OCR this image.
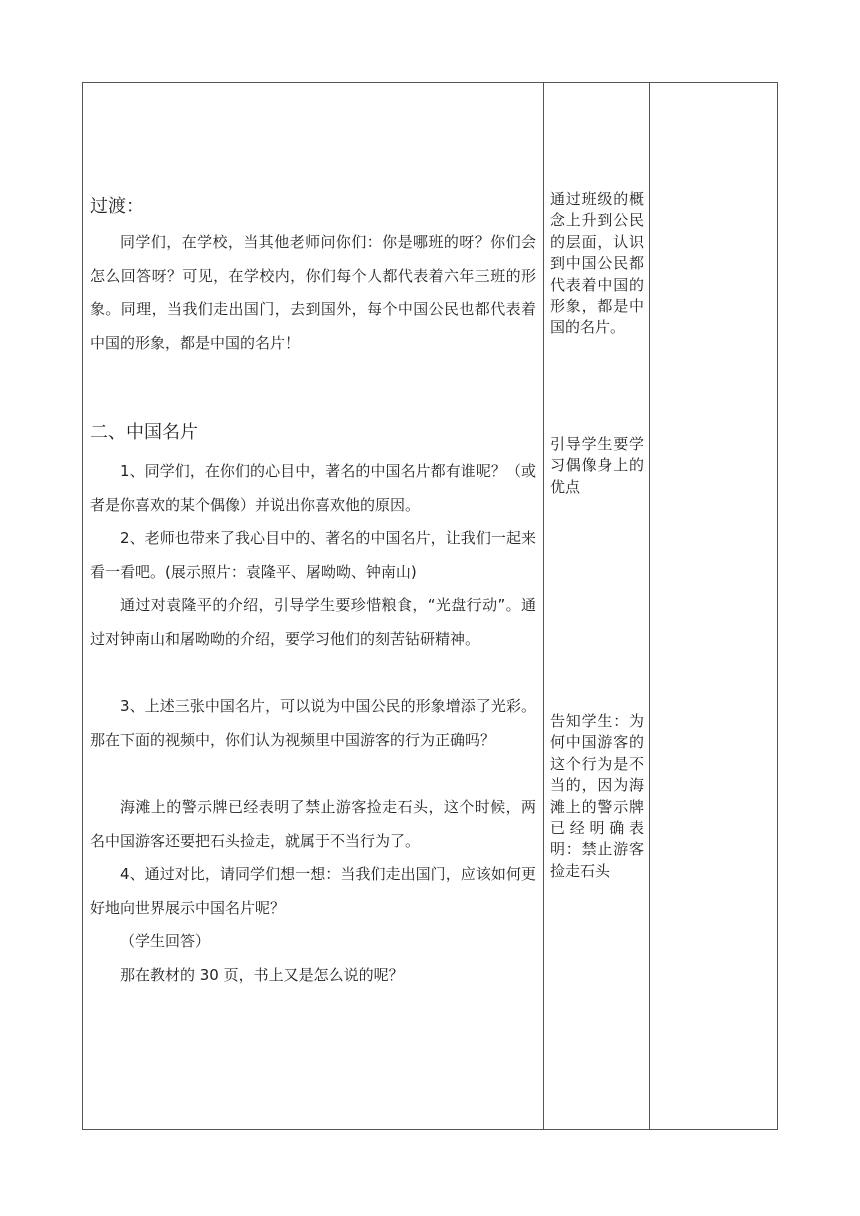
过渡：

同学们，在学校，当其他老师问你们：你是哪班的呀？你们会怎么回答呀？可见，在学校内，你们每个人都代表着六年三班的形象。同理，当我们走出国门，去到国外，每个中国公民也都代表着中国的形象，都是中国的名片！

二、中国名片

1、同学们，在你们的心目中，著名的中国名片都有谁呢？（或者是你喜欢的某个偶像）并说出你喜欢他的原因。

2、老师也带来了我心目中的、著名的中国名片，让我们一起来看一看吧。(展示照片：袁隆平、屠呦呦、钟南山)

通过对袁隆平的介绍，引导学生要珍惜粮食，“光盘行动”。通过对钟南山和屠呦呦的介绍，要学习他们的刻苦钻研精神。

3、上述三张中国名片，可以说为中国公民的形象增添了光彩。那在下面的视频中，你们认为视频里中国游客的行为正确吗？

海滩上的警示牌已经表明了禁止游客捡走石头，这个时候，两名中国游客还要把石头捡走，就属于不当行为了。

4、通过对比，请同学们想一想：当我们走出国门，应该如何更好地向世界展示中国名片呢？

（学生回答）

那在教材的 30 页，书上又是怎么说的呢？

通过班级的概念上升到公民的层面，认识到中国公民都代表着中国的形象，都是中国的名片。

引导学生要学习偶像身上的优点

告知学生：为何中国游客的这个行为是不当的，因为海滩上的警示牌已经明确表明：禁止游客捡走石头
